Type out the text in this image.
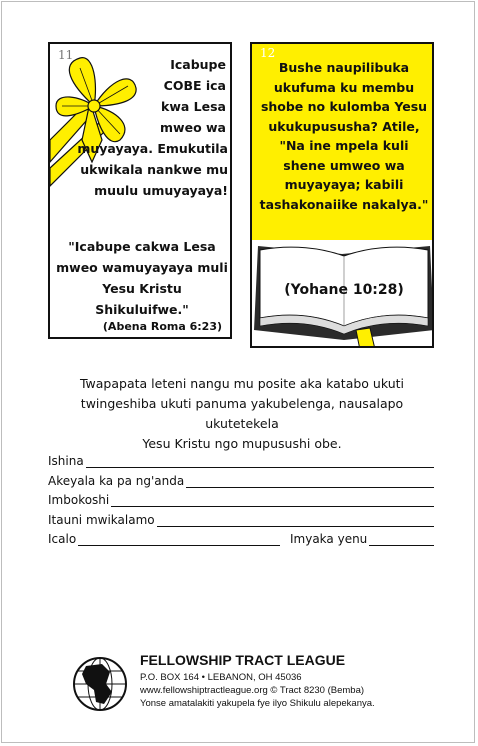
11
Icabupe
COBE ica
kwa Lesa
mweo wa
muyayaya. Emukutila
ukwikala nankwe mu
muulu umuyayaya!
"Icabupe cakwa Lesa
mweo wamuyayaya muli
Yesu Kristu
Shikuluifwe."
(Abena Roma 6:23)
12
Bushe naupilibuka
ukufuma ku membu
shobe no kulomba Yesu
ukukupususha? Atile,
"Na ine mpela kuli
shene umweo wa
muyayaya; kabili
tashakonaiike nakalya."
(Yohane 10:28)
Twapapata leteni nangu mu posite aka katabo ukuti
twingeshiba ukuti panuma yakubelenga, nausalapo ukutetekela
Yesu Kristu ngo mupusushi obe.
Ishina
Akeyala ka pa ng'anda
Imbokoshi
Itauni mwikalamo
Icalo	Imyaka yenu
FELLOWSHIP TRACT LEAGUE
P.O. BOX 164 • LEBANON, OH 45036
www.fellowshiptractleague.org © Tract 8230 (Bemba)
Yonse amatalakiti yakupela fye ilyo Shikulu alepekanya.
